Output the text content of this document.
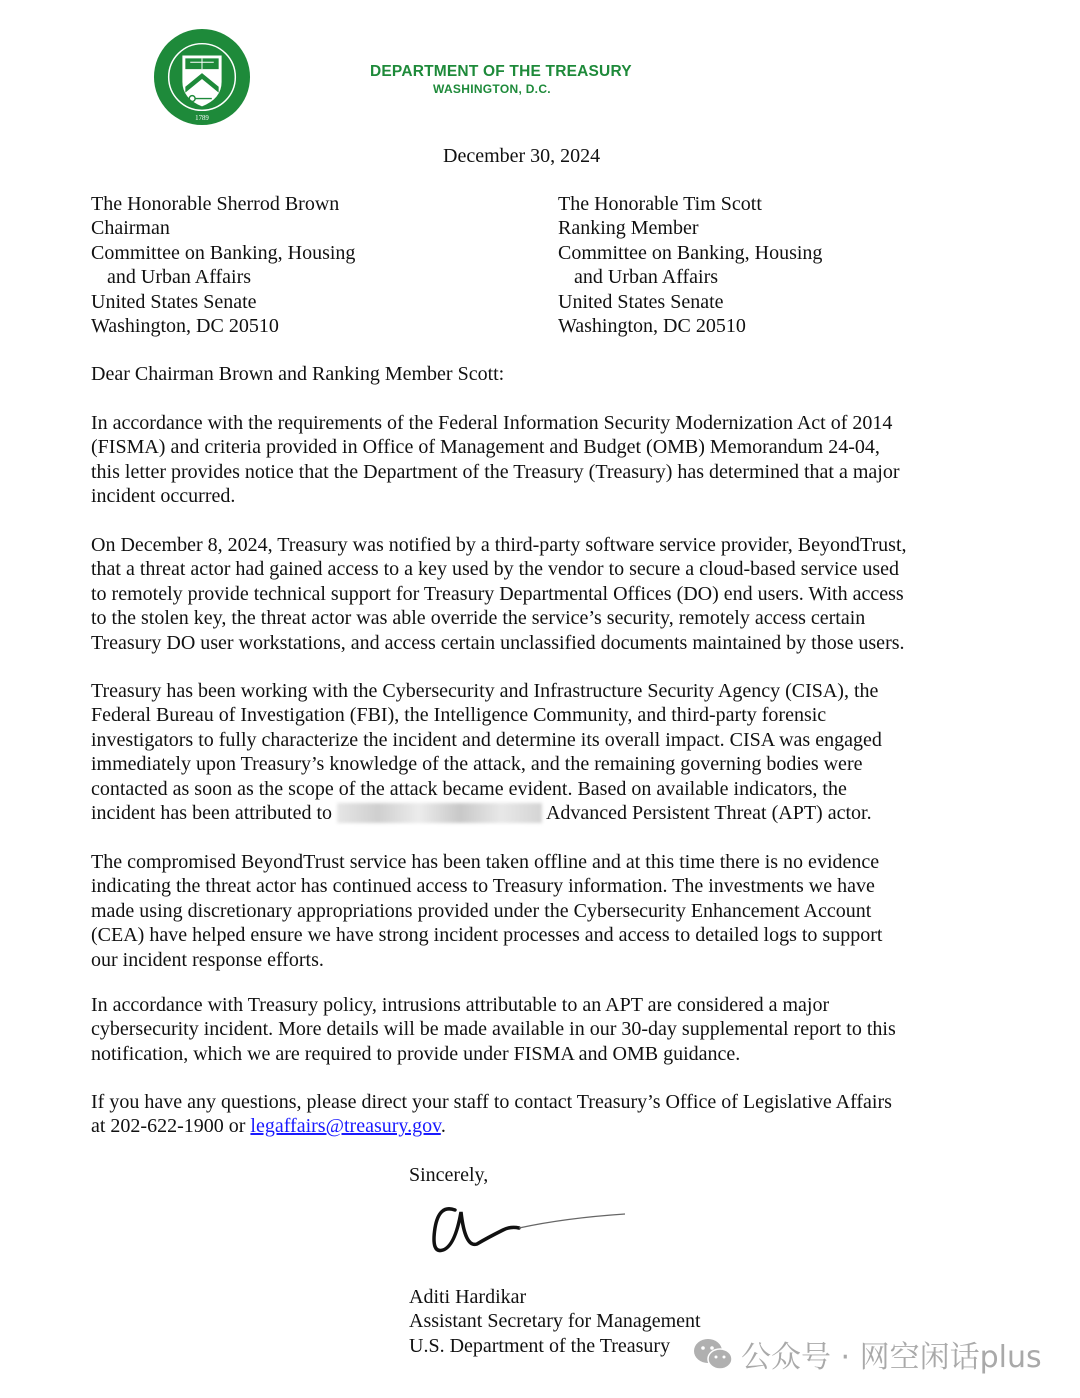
1789
DEPARTMENT OF THE TREASURY
WASHINGTON, D.C.
December 30, 2024
The Honorable Sherrod Brown
Chairman
Committee on Banking, Housing
and Urban Affairs
United States Senate
Washington, DC 20510
The Honorable Tim Scott
Ranking Member
Committee on Banking, Housing
and Urban Affairs
United States Senate
Washington, DC 20510
Dear Chairman Brown and Ranking Member Scott:
In accordance with the requirements of the Federal Information Security Modernization Act of 2014
(FISMA) and criteria provided in Office of Management and Budget (OMB) Memorandum 24-04,
this letter provides notice that the Department of the Treasury (Treasury) has determined that a major
incident occurred.
On December 8, 2024, Treasury was notified by a third-party software service provider, BeyondTrust,
that a threat actor had gained access to a key used by the vendor to secure a cloud-based service used
to remotely provide technical support for Treasury Departmental Offices (DO) end users. With access
to the stolen key, the threat actor was able override the service’s security, remotely access certain
Treasury DO user workstations, and access certain unclassified documents maintained by those users.
Treasury has been working with the Cybersecurity and Infrastructure Security Agency (CISA), the
Federal Bureau of Investigation (FBI), the Intelligence Community, and third-party forensic
investigators to fully characterize the incident and determine its overall impact. CISA was engaged
immediately upon Treasury’s knowledge of the attack, and the remaining governing bodies were
contacted as soon as the scope of the attack became evident. Based on available indicators, the
incident has been attributed to	Advanced Persistent Threat (APT) actor.
The compromised BeyondTrust service has been taken offline and at this time there is no evidence
indicating the threat actor has continued access to Treasury information. The investments we have
made using discretionary appropriations provided under the Cybersecurity Enhancement Account
(CEA) have helped ensure we have strong incident processes and access to detailed logs to support
our incident response efforts.
In accordance with Treasury policy, intrusions attributable to an APT are considered a major
cybersecurity incident. More details will be made available in our 30-day supplemental report to this
notification, which we are required to provide under FISMA and OMB guidance.
If you have any questions, please direct your staff to contact Treasury’s Office of Legislative Affairs
at 202-622-1900 or legaffairs@treasury.gov.
Sincerely,
Aditi Hardikar
Assistant Secretary for Management
U.S. Department of the Treasury	公众号 · 网空闲话plus
